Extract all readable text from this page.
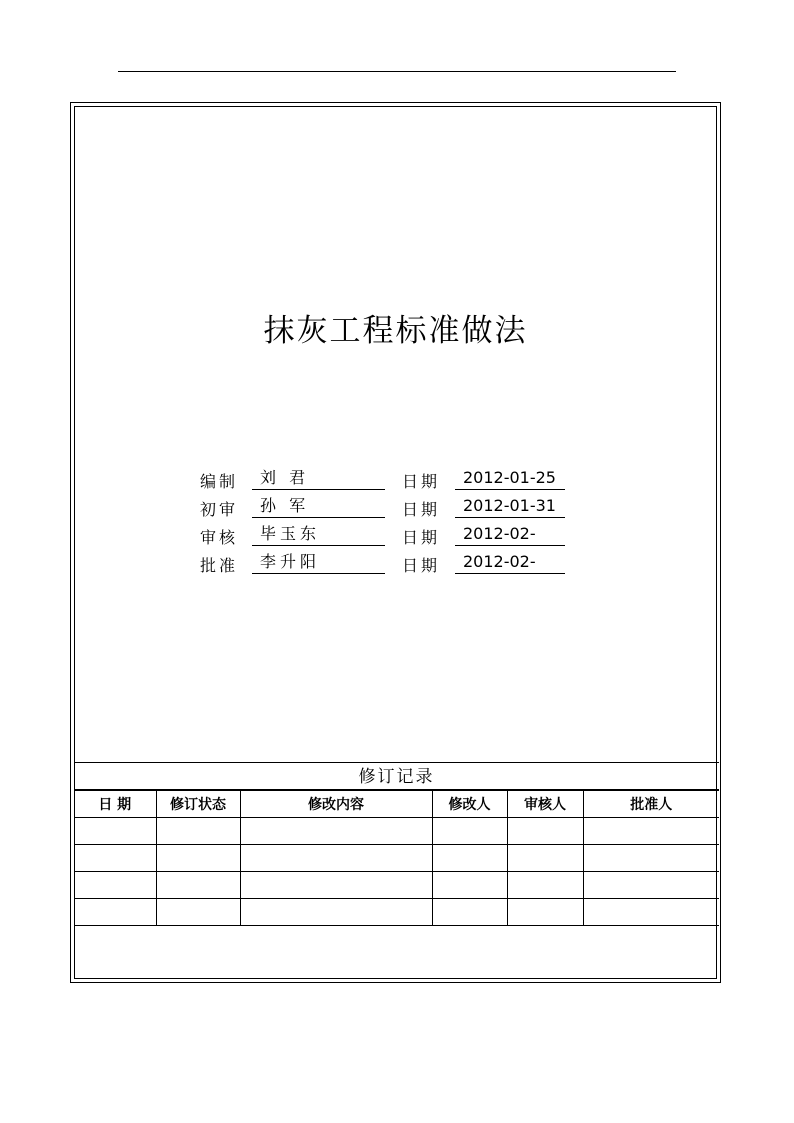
抹灰工程标准做法
编制	刘 君	日期	2012-01-25
初审	孙 军	日期	2012-01-31
审核	毕玉东	日期	2012-02-
批准	李升阳	日期	2012-02-
修订记录
日 期	修订状态	修改内容	修改人	审核人	批准人
